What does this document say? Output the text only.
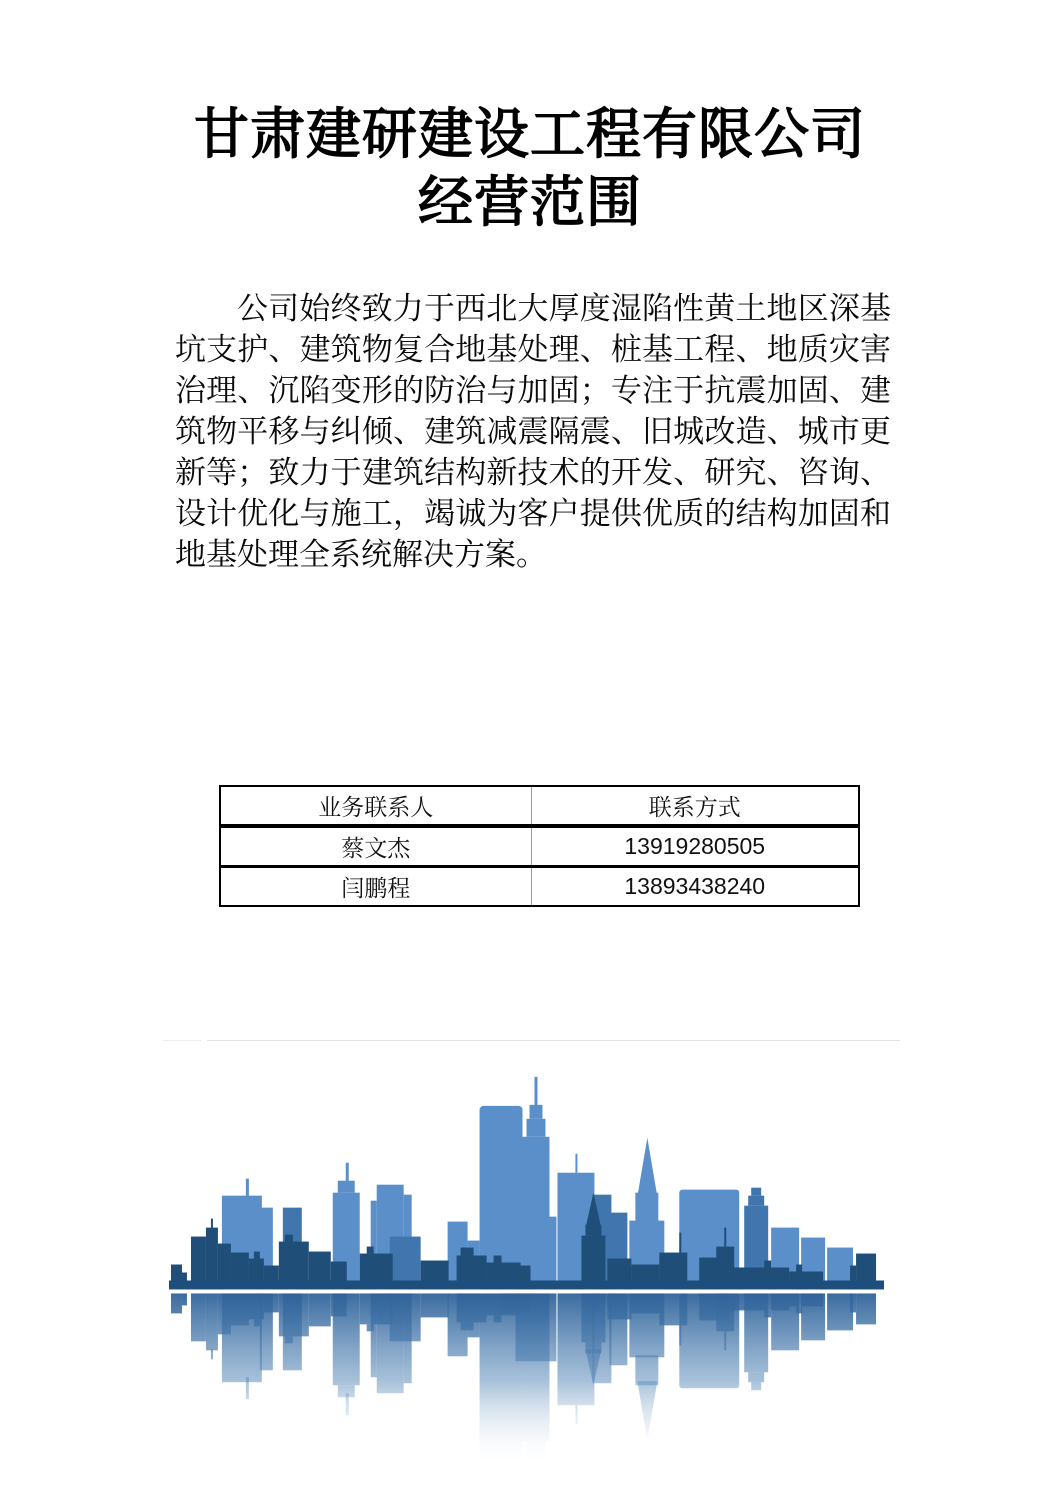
甘肃建研建设工程有限公司
经营范围
公司始终致力于西北大厚度湿陷性黄土地区深基坑支护、建筑物复合地基处理、桩基工程、地质灾害治理、沉陷变形的防治与加固；专注于抗震加固、建筑物平移与纠倾、建筑减震隔震、旧城改造、城市更新等；致力于建筑结构新技术的开发、研究、咨询、设计优化与施工，竭诚为客户提供优质的结构加固和地基处理全系统解决方案。
业务联系人	联系方式
蔡文杰	13919280505
闫鹏程	13893438240
